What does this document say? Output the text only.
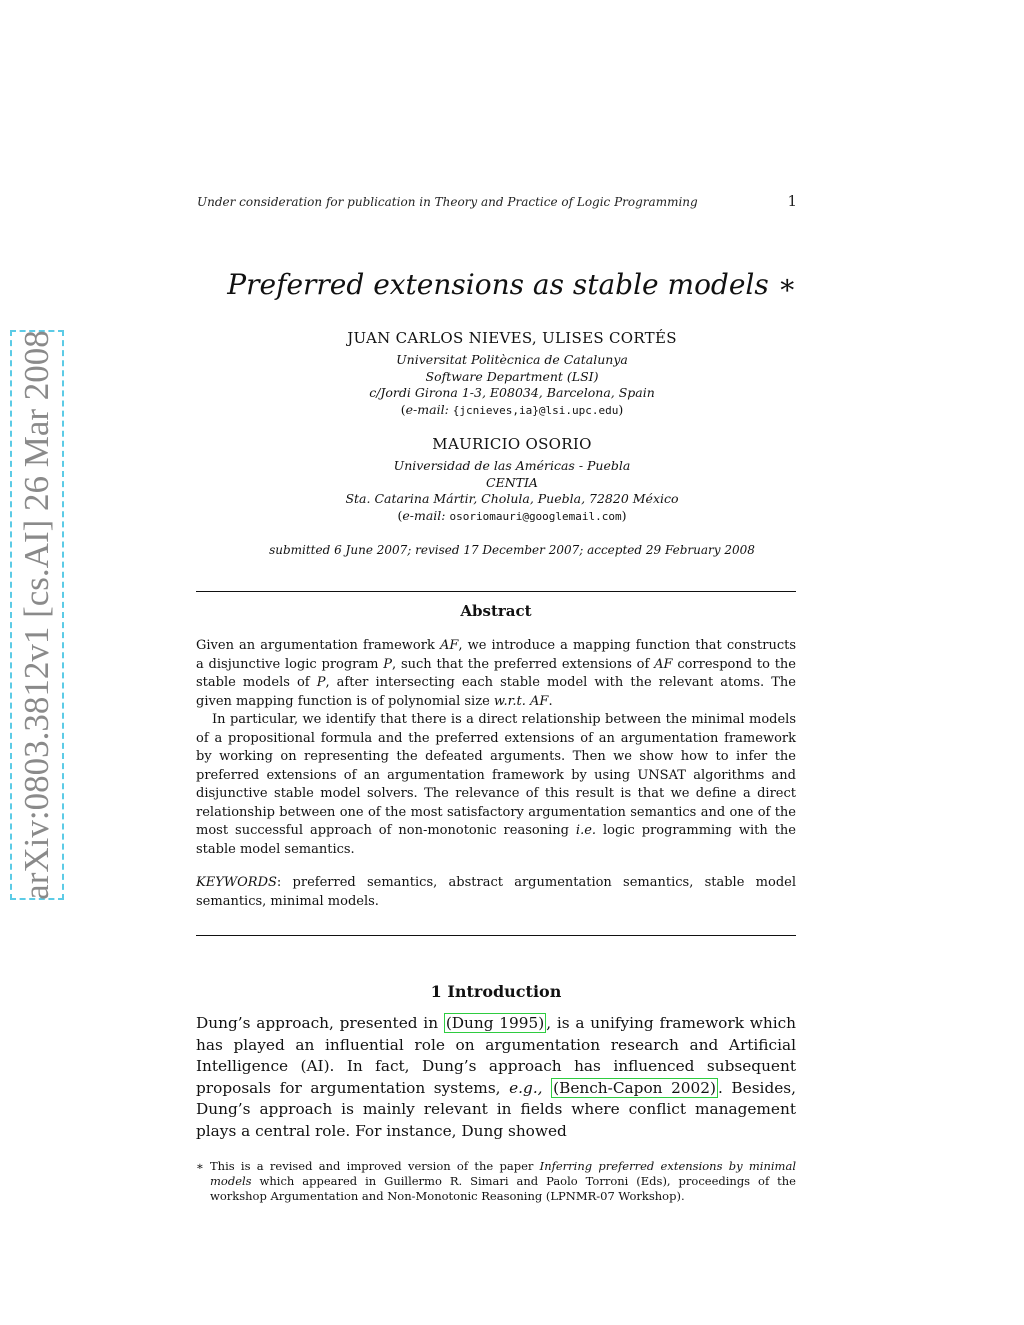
Under consideration for publication in Theory and Practice of Logic Programming	1
arXiv:0803.3812v1 [cs.AI] 26 Mar 2008
Preferred extensions as stable models ∗
JUAN CARLOS NIEVES, ULISES CORTÉS
Universitat Politècnica de Catalunya
Software Department (LSI)
c/Jordi Girona 1-3, E08034, Barcelona, Spain
(e-mail: {jcnieves,ia}@lsi.upc.edu)
MAURICIO OSORIO
Universidad de las Américas - Puebla
CENTIA
Sta. Catarina Mártir, Cholula, Puebla, 72820 México
(e-mail: osoriomauri@googlemail.com)
submitted 6 June 2007; revised 17 December 2007; accepted 29 February 2008
Abstract

Given an argumentation framework AF, we introduce a mapping function that constructs a disjunctive logic program P, such that the preferred extensions of AF correspond to the stable models of P, after intersecting each stable model with the relevant atoms. The given mapping function is of polynomial size w.r.t. AF.

In particular, we identify that there is a direct relationship between the minimal models of a propositional formula and the preferred extensions of an argumentation framework by working on representing the defeated arguments. Then we show how to infer the preferred extensions of an argumentation framework by using UNSAT algorithms and disjunctive stable model solvers. The relevance of this result is that we define a direct relationship between one of the most satisfactory argumentation semantics and one of the most successful approach of non-monotonic reasoning i.e. logic programming with the stable model semantics.

KEYWORDS: preferred semantics, abstract argumentation semantics, stable model semantics, minimal models.

1 Introduction
Dung’s approach, presented in (Dung 1995) , is a unifying framework which has played an influential role on argumentation research and Artificial Intelligence (AI). In fact, Dung’s approach has influenced subsequent proposals for argumentation systems, e.g., (Bench-Capon 2002) . Besides, Dung’s approach is mainly relevant in fields where conflict management plays a central role. For instance, Dung showed
∗ This is a revised and improved version of the paper Inferring preferred extensions by minimal models which appeared in Guillermo R. Simari and Paolo Torroni (Eds), proceedings of the workshop Argumentation and Non-Monotonic Reasoning (LPNMR-07 Workshop).
